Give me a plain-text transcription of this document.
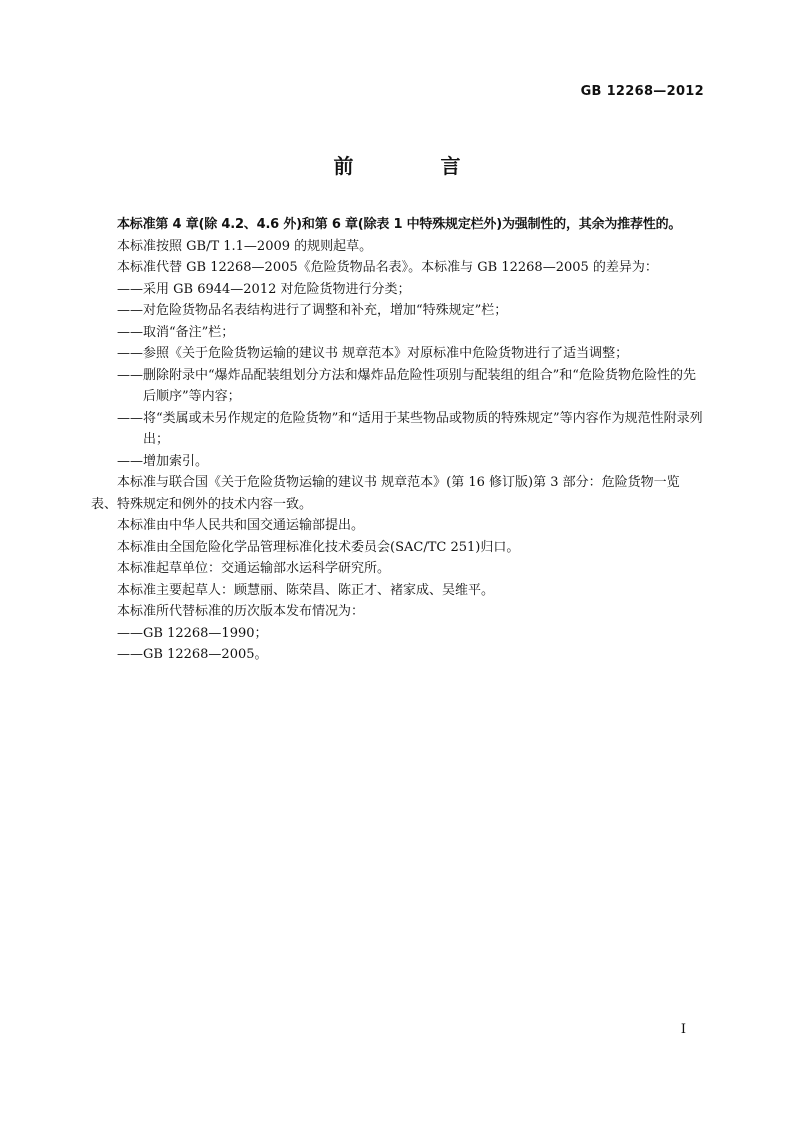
GB 12268—2012
前 言

本标准第 4 章(除 4.2、4.6 外)和第 6 章(除表 1 中特殊规定栏外)为强制性的，其余为推荐性的。

本标准按照 GB/T 1.1—2009 的规则起草。

本标准代替 GB 12268—2005《危险货物品名表》。本标准与 GB 12268—2005 的差异为：

——采用 GB 6944—2012 对危险货物进行分类；

——对危险货物品名表结构进行了调整和补充，增加“特殊规定”栏；

——取消“备注”栏；

——参照《关于危险货物运输的建议书 规章范本》对原标准中危险货物进行了适当调整；

——删除附录中“爆炸品配装组划分方法和爆炸品危险性项别与配装组的组合”和“危险货物危险性的先后顺序”等内容；

——将“类属或未另作规定的危险货物”和“适用于某些物品或物质的特殊规定”等内容作为规范性附录列出；

——增加索引。

本标准与联合国《关于危险货物运输的建议书 规章范本》(第 16 修订版)第 3 部分：危险货物一览表、特殊规定和例外的技术内容一致。

本标准由中华人民共和国交通运输部提出。

本标准由全国危险化学品管理标准化技术委员会(SAC/TC 251)归口。

本标准起草单位：交通运输部水运科学研究所。

本标准主要起草人：顾慧丽、陈荣昌、陈正才、褚家成、吴维平。

本标准所代替标准的历次版本发布情况为：

——GB 12268—1990；

——GB 12268—2005。

I
